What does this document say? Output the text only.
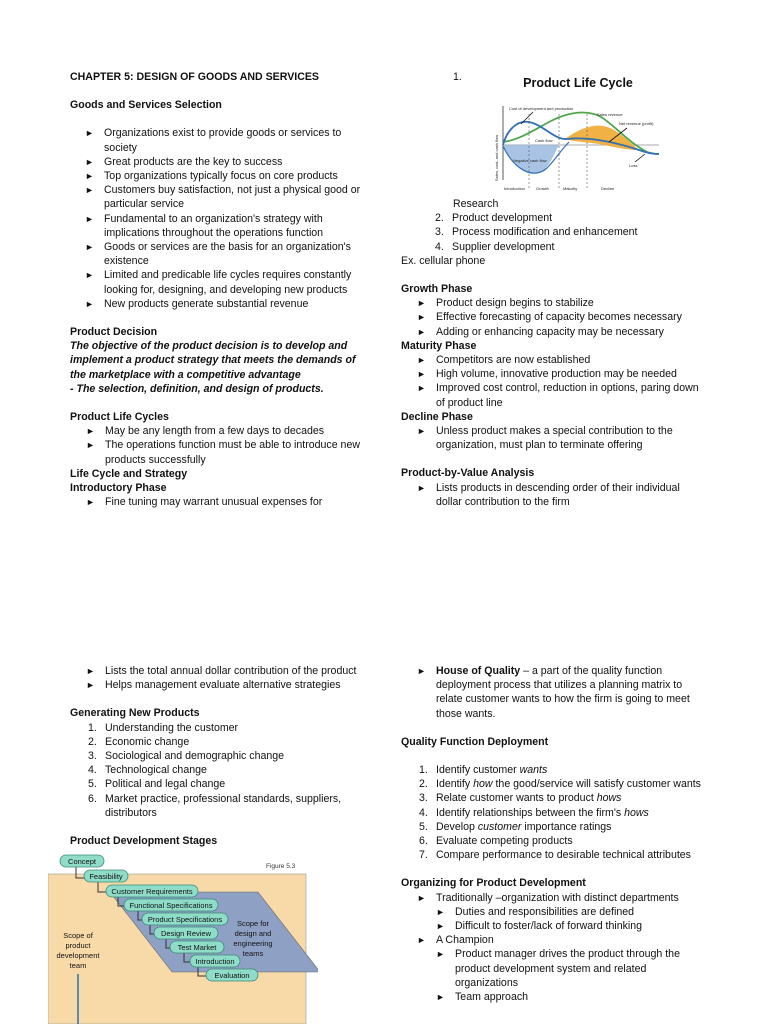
CHAPTER 5: DESIGN OF GOODS AND SERVICES

Goods and Services Selection

► Organizations exist to provide goods or services to society
► Great products are the key to success
► Top organizations typically focus on core products
► Customers buy satisfaction, not just a physical good or particular service
► Fundamental to an organization's strategy with implications throughout the operations function
► Goods or services are the basis for an organization's existence
► Limited and predicable life cycles requires constantly looking for, designing, and developing new products
► New products generate substantial revenue

Product Decision

The objective of the product decision is to develop and implement a product strategy that meets the demands of the marketplace with a competitive advantage

- The selection, definition, and design of products.

Product Life Cycles

► May be any length from a few days to decades
► The operations function must be able to introduce new products successfully

Life Cycle and Strategy

Introductory Phase

► Fine tuning may warrant unusual expenses for
1.	Product Life Cycle
Sales, cost, and cash flow
Cost of development and production
Sales revenue
Net revenue (profit)
Cash flow
Negative cash flow
Loss
Introduction	Growth	Maturity	Decline
Research
2. Product development
3. Process modification and enhancement
4. Supplier development
Ex. cellular phone

Growth Phase

► Product design begins to stabilize
► Effective forecasting of capacity becomes necessary
► Adding or enhancing capacity may be necessary

Maturity Phase

► Competitors are now established
► High volume, innovative production may be needed
► Improved cost control, reduction in options, paring down of product line

Decline Phase

► Unless product makes a special contribution to the organization, must plan to terminate offering

Product-by-Value Analysis

► Lists products in descending order of their individual dollar contribution to the firm
► Lists the total annual dollar contribution of the product
► Helps management evaluate alternative strategies

Generating New Products

1. Understanding the customer
2. Economic change
3. Sociological and demographic change
4. Technological change
5. Political and legal change
6. Market practice, professional standards, suppliers, distributors

Product Development Stages

Figure 5.3
Scope of product development team
Scope for design and engineering teams
Concept
Feasibility
Customer Requirements
Functional Specifications
Product Specifications
Design Review
Test Market
Introduction
Evaluation
► House of Quality – a part of the quality function deployment process that utilizes a planning matrix to relate customer wants to how the firm is going to meet those wants.

Quality Function Deployment

1. Identify customer wants
2. Identify how the good/service will satisfy customer wants
3. Relate customer wants to product hows
4. Identify relationships between the firm's hows
5. Develop customer importance ratings
6. Evaluate competing products
7. Compare performance to desirable technical attributes

Organizing for Product Development

► Traditionally –organization with distinct departments
► Duties and responsibilities are defined
► Difficult to foster/lack of forward thinking
► A Champion
► Product manager drives the product through the product development system and related organizations
► Team approach
